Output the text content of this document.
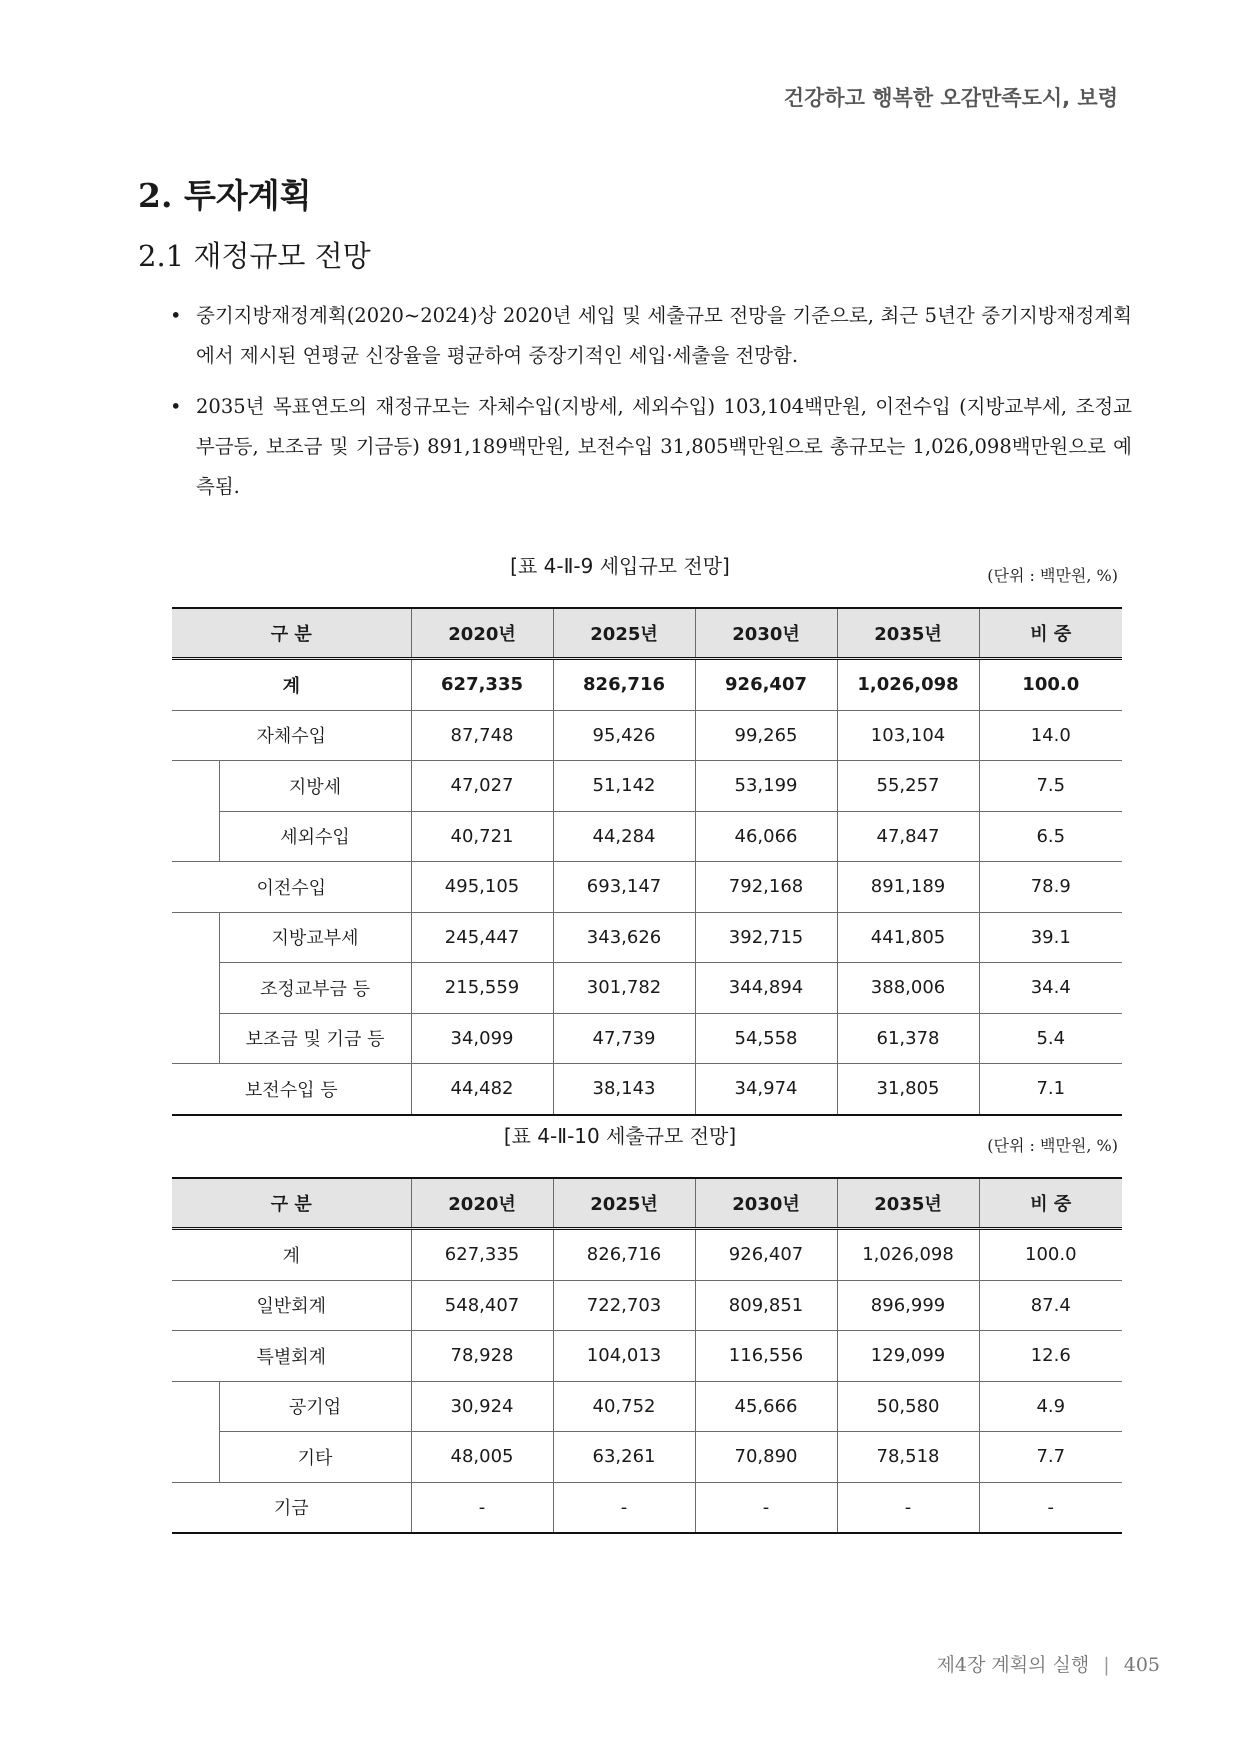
건강하고 행복한 오감만족도시, 보령
2. 투자계획
2.1 재정규모 전망
• 중기지방재정계획(2020~2024)상 2020년 세입 및 세출규모 전망을 기준으로, 최근 5년간 중기지방재정계획에서 제시된 연평균 신장율을 평균하여 중장기적인 세입·세출을 전망함.
• 2035년 목표연도의 재정규모는 자체수입(지방세, 세외수입) 103,104백만원, 이전수입 (지방교부세, 조정교부금등, 보조금 및 기금등) 891,189백만원, 보전수입 31,805백만원으로 총규모는 1,026,098백만원으로 예측됨.
[표 4-Ⅱ-9 세입규모 전망]	(단위 : 백만원, %)
구 분		2020년	2025년	2030년	2035년	비 중
계		627,335	826,716	926,407	1,026,098	100.0
자체수입		87,748	95,426	99,265	103,104	14.0
	지방세	47,027	51,142	53,199	55,257	7.5
	세외수입	40,721	44,284	46,066	47,847	6.5
이전수입		495,105	693,147	792,168	891,189	78.9
	지방교부세	245,447	343,626	392,715	441,805	39.1
	조정교부금 등	215,559	301,782	344,894	388,006	34.4
	보조금 및 기금 등	34,099	47,739	54,558	61,378	5.4
보전수입 등		44,482	38,143	34,974	31,805	7.1
[표 4-Ⅱ-10 세출규모 전망]	(단위 : 백만원, %)
구 분		2020년	2025년	2030년	2035년	비 중
계		627,335	826,716	926,407	1,026,098	100.0
일반회계		548,407	722,703	809,851	896,999	87.4
특별회계		78,928	104,013	116,556	129,099	12.6
	공기업	30,924	40,752	45,666	50,580	4.9
	기타	48,005	63,261	70,890	78,518	7.7
기금		-	-	-	-	-
제4장 계획의 실행 | 405
